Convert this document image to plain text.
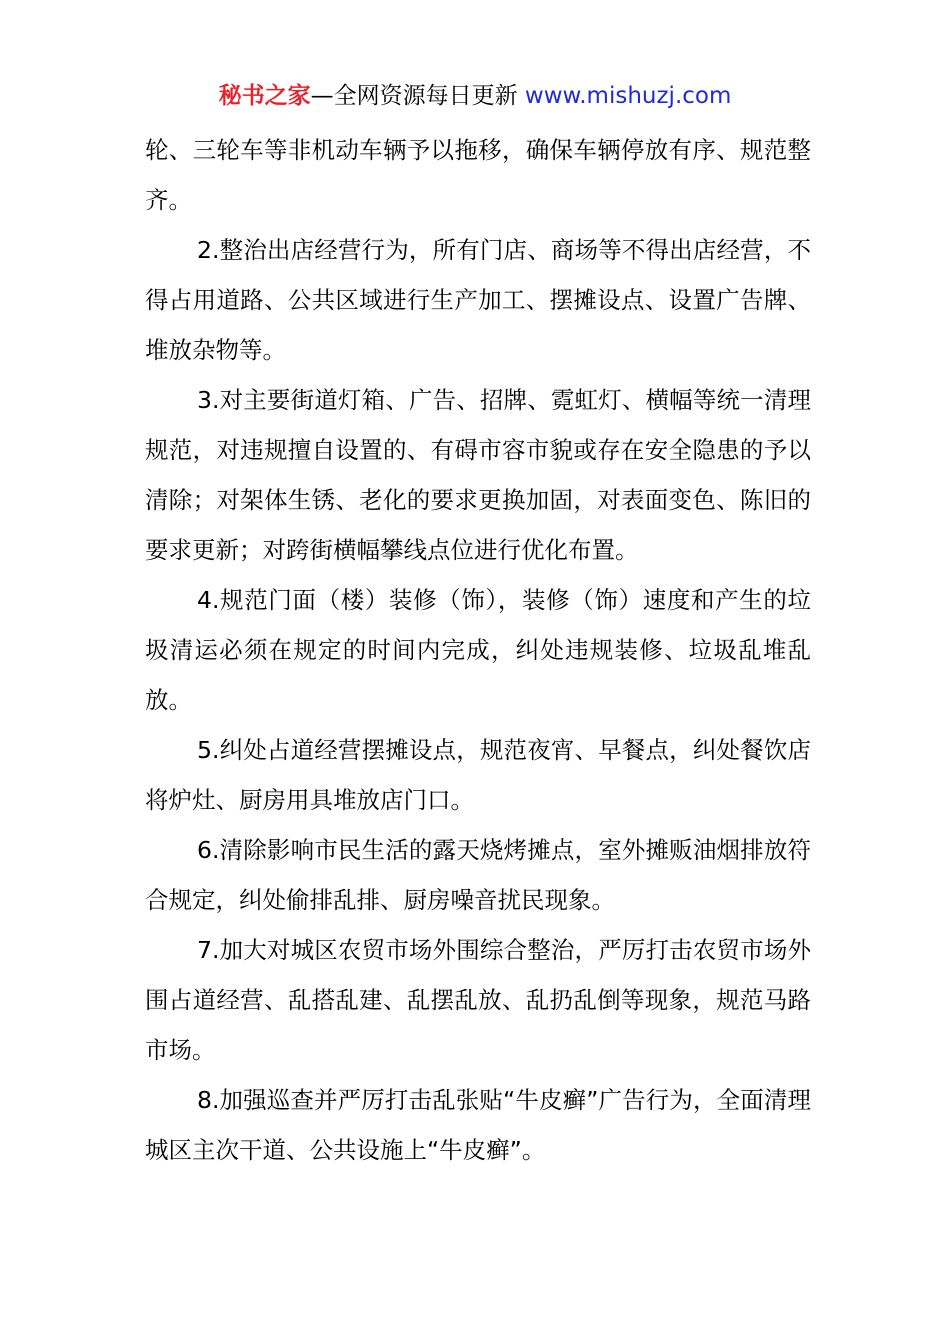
秘书之家—全网资源每日更新 www.mishuzj.com

轮、三轮车等非机动车辆予以拖移，确保车辆停放有序、规范整齐。

2.整治出店经营行为，所有门店、商场等不得出店经营，不得占用道路、公共区域进行生产加工、摆摊设点、设置广告牌、堆放杂物等。

3.对主要街道灯箱、广告、招牌、霓虹灯、横幅等统一清理规范，对违规擅自设置的、有碍市容市貌或存在安全隐患的予以清除；对架体生锈、老化的要求更换加固，对表面变色、陈旧的要求更新；对跨街横幅攀线点位进行优化布置。

4.规范门面（楼）装修（饰），装修（饰）速度和产生的垃圾清运必须在规定的时间内完成，纠处违规装修、垃圾乱堆乱放。

5.纠处占道经营摆摊设点，规范夜宵、早餐点，纠处餐饮店将炉灶、厨房用具堆放店门口。

6.清除影响市民生活的露天烧烤摊点，室外摊贩油烟排放符合规定，纠处偷排乱排、厨房噪音扰民现象。

7.加大对城区农贸市场外围综合整治，严厉打击农贸市场外围占道经营、乱搭乱建、乱摆乱放、乱扔乱倒等现象，规范马路市场。

8.加强巡查并严厉打击乱张贴“牛皮癣”广告行为，全面清理城区主次干道、公共设施上“牛皮癣”。
